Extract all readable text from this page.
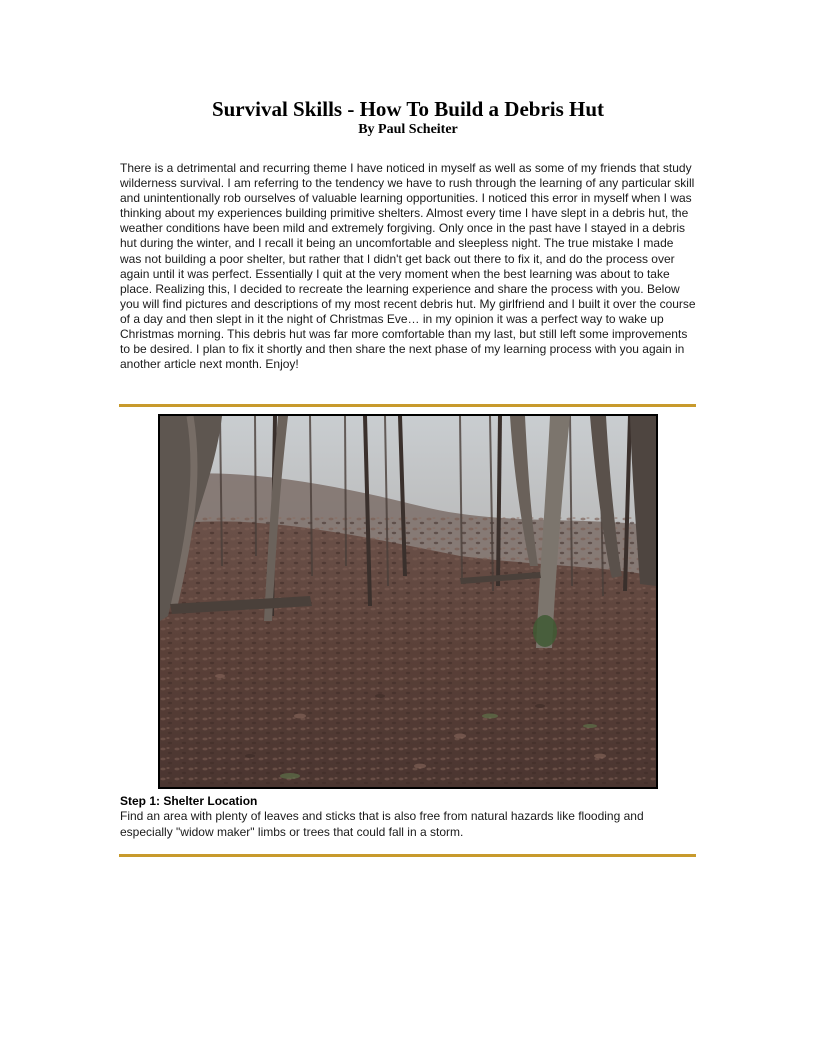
Survival Skills - How To Build a Debris Hut
By Paul Scheiter

There is a detrimental and recurring theme I have noticed in myself as well as some of my friends that study wilderness survival. I am referring to the tendency we have to rush through the learning of any particular skill and unintentionally rob ourselves of valuable learning opportunities. I noticed this error in myself when I was thinking about my experiences building primitive shelters. Almost every time I have slept in a debris hut, the weather conditions have been mild and extremely forgiving. Only once in the past have I stayed in a debris hut during the winter, and I recall it being an uncomfortable and sleepless night. The true mistake I made was not building a poor shelter, but rather that I didn't get back out there to fix it, and do the process over again until it was perfect. Essentially I quit at the very moment when the best learning was about to take place. Realizing this, I decided to recreate the learning experience and share the process with you. Below you will find pictures and descriptions of my most recent debris hut. My girlfriend and I built it over the course of a day and then slept in it the night of Christmas Eve… in my opinion it was a perfect way to wake up Christmas morning. This debris hut was far more comfortable than my last, but still left some improvements to be desired. I plan to fix it shortly and then share the next phase of my learning process with you again in another article next month. Enjoy!

Step 1: Shelter Location

Find an area with plenty of leaves and sticks that is also free from natural hazards like flooding and especially "widow maker" limbs or trees that could fall in a storm.
